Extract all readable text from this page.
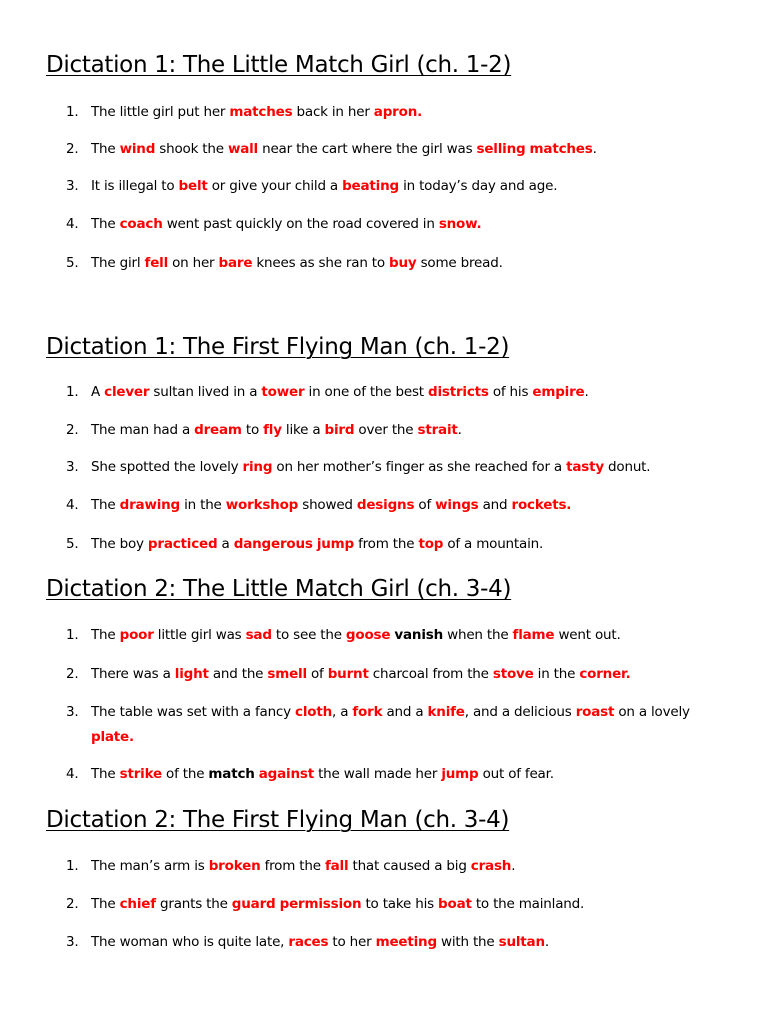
Dictation 1: The Little Match Girl (ch. 1-2)
1. The little girl put her matches back in her apron.
2. The wind shook the wall near the cart where the girl was selling matches.
3. It is illegal to belt or give your child a beating in today’s day and age.
4. The coach went past quickly on the road covered in snow.
5. The girl fell on her bare knees as she ran to buy some bread.
Dictation 1: The First Flying Man (ch. 1-2)
1. A clever sultan lived in a tower in one of the best districts of his empire.
2. The man had a dream to fly like a bird over the strait.
3. She spotted the lovely ring on her mother’s finger as she reached for a tasty donut.
4. The drawing in the workshop showed designs of wings and rockets.
5. The boy practiced a dangerous jump from the top of a mountain.
Dictation 2: The Little Match Girl (ch. 3-4)
1. The poor little girl was sad to see the goose vanish when the flame went out.
2. There was a light and the smell of burnt charcoal from the stove in the corner.
3. The table was set with a fancy cloth, a fork and a knife, and a delicious roast on a lovely plate.
4. The strike of the match against the wall made her jump out of fear.
Dictation 2: The First Flying Man (ch. 3-4)
1. The man’s arm is broken from the fall that caused a big crash.
2. The chief grants the guard permission to take his boat to the mainland.
3. The woman who is quite late, races to her meeting with the sultan.
